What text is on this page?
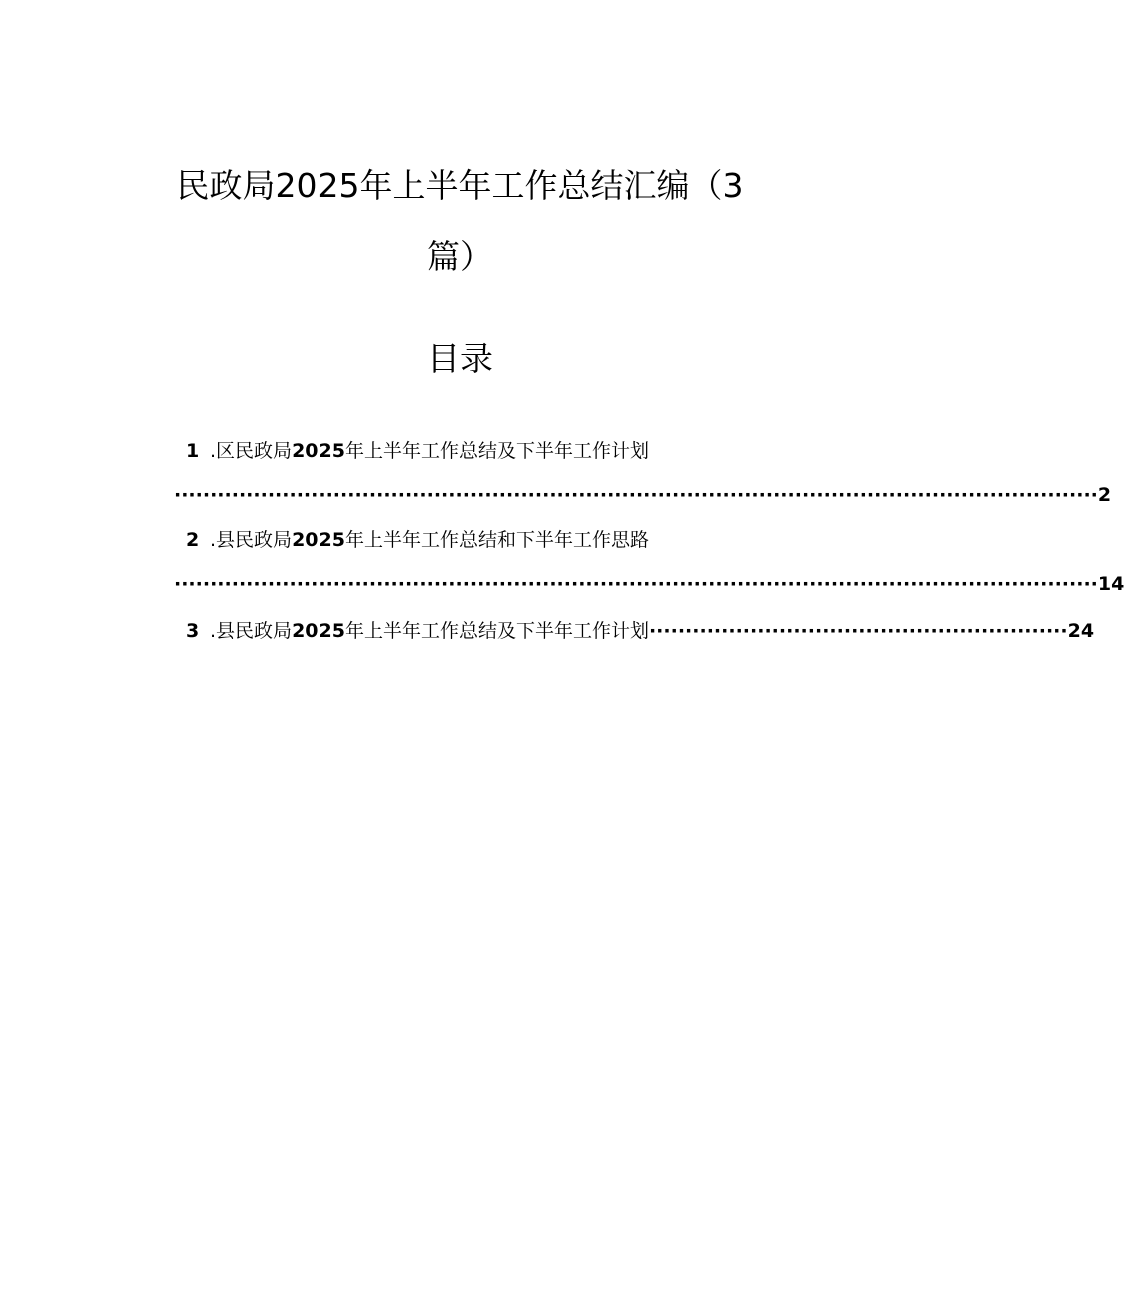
民政局2025年上半年工作总结汇编（3
篇）
目录
1 .区民政局2025年上半年工作总结及下半年工作计划
································································································································ 2
2 .县民政局2025年上半年工作总结和下半年工作思路
································································································································ 14
3 .县民政局2025年上半年工作总结及下半年工作计划 ·························································· 24
